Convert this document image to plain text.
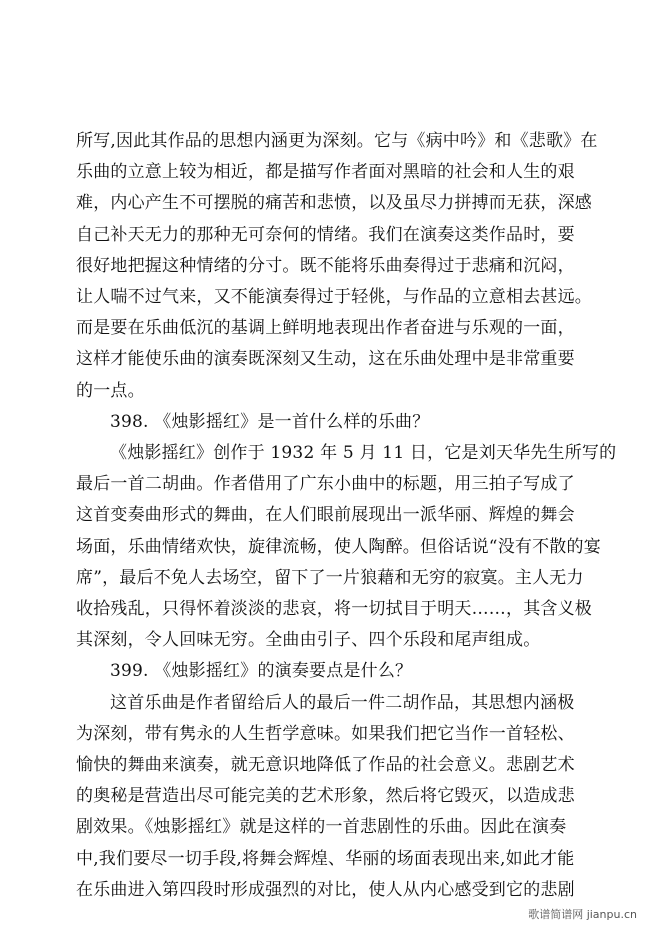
所写,因此其作品的思想内涵更为深刻。它与《病中吟》和《悲歌》在
乐曲的立意上较为相近，都是描写作者面对黑暗的社会和人生的艰
难，内心产生不可摆脱的痛苦和悲愤，以及虽尽力拼搏而无获，深感
自己补天无力的那种无可奈何的情绪。我们在演奏这类作品时，要
很好地把握这种情绪的分寸。既不能将乐曲奏得过于悲痛和沉闷，
让人喘不过气来，又不能演奏得过于轻佻，与作品的立意相去甚远。
而是要在乐曲低沉的基调上鲜明地表现出作者奋进与乐观的一面，
这样才能使乐曲的演奏既深刻又生动，这在乐曲处理中是非常重要
的一点。
398. 《烛影摇红》是一首什么样的乐曲？
《烛影摇红》创作于 1932 年 5 月 11 日，它是刘天华先生所写的
最后一首二胡曲。作者借用了广东小曲中的标题，用三拍子写成了
这首变奏曲形式的舞曲，在人们眼前展现出一派华丽、辉煌的舞会
场面，乐曲情绪欢快，旋律流畅，使人陶醉。但俗话说“没有不散的宴
席”，最后不免人去场空，留下了一片狼藉和无穷的寂寞。主人无力
收拾残乱，只得怀着淡淡的悲哀，将一切拭目于明天……，其含义极
其深刻，令人回味无穷。全曲由引子、四个乐段和尾声组成。
399. 《烛影摇红》的演奏要点是什么？
这首乐曲是作者留给后人的最后一件二胡作品，其思想内涵极
为深刻，带有隽永的人生哲学意味。如果我们把它当作一首轻松、
愉快的舞曲来演奏，就无意识地降低了作品的社会意义。悲剧艺术
的奥秘是营造出尽可能完美的艺术形象，然后将它毁灭，以造成悲
剧效果。《烛影摇红》就是这样的一首悲剧性的乐曲。因此在演奏
中,我们要尽一切手段,将舞会辉煌、华丽的场面表现出来,如此才能
在乐曲进入第四段时形成强烈的对比，使人从内心感受到它的悲剧
歌谱简谱网 jianpu.cn
